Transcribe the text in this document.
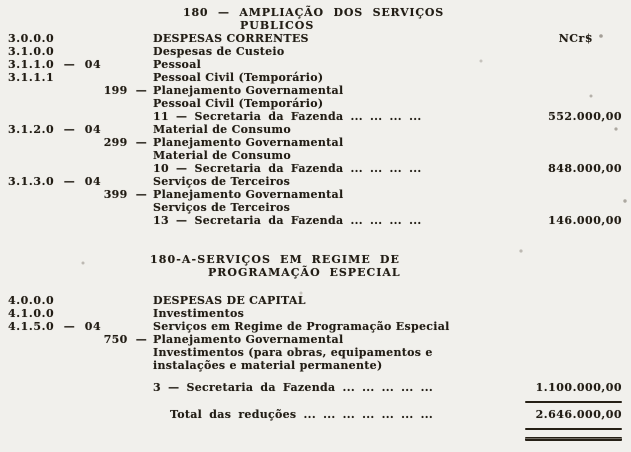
180 — AMPLIAÇÃO DOS SERVIÇOS
PUBLICOS
3.0.0.0	DESPESAS CORRENTES	NCr$
3.1.0.0	Despesas de Custeio
3.1.1.0 — 04	Pessoal
3.1.1.1	Pessoal Civil (Temporário)
199 — Planejamento Governamental
Pessoal Civil (Temporário)
11 — Secretaria da Fazenda ... ... ... ...	552.000,00
3.1.2.0 — 04	Material de Consumo
299 — Planejamento Governamental
Material de Consumo
10 — Secretaria da Fazenda ... ... ... ...	848.000,00
3.1.3.0 — 04	Serviços de Terceiros
399 — Planejamento Governamental
Serviços de Terceiros
13 — Secretaria da Fazenda ... ... ... ...	146.000,00
180-A-SERVIÇOS EM REGIME DE
PROGRAMAÇÃO ESPECIAL
4.0.0.0	DESPESAS DE CAPITAL
4.1.0.0	Investimentos
4.1.5.0 — 04	Serviços em Regime de Programação Especial
750 — Planejamento Governamental
Investimentos (para obras, equipamentos e
instalações e material permanente)
3 — Secretaria da Fazenda ... ... ... ... ...	1.100.000,00
Total das reduções ... ... ... ... ... ... ...	2.646.000,00
